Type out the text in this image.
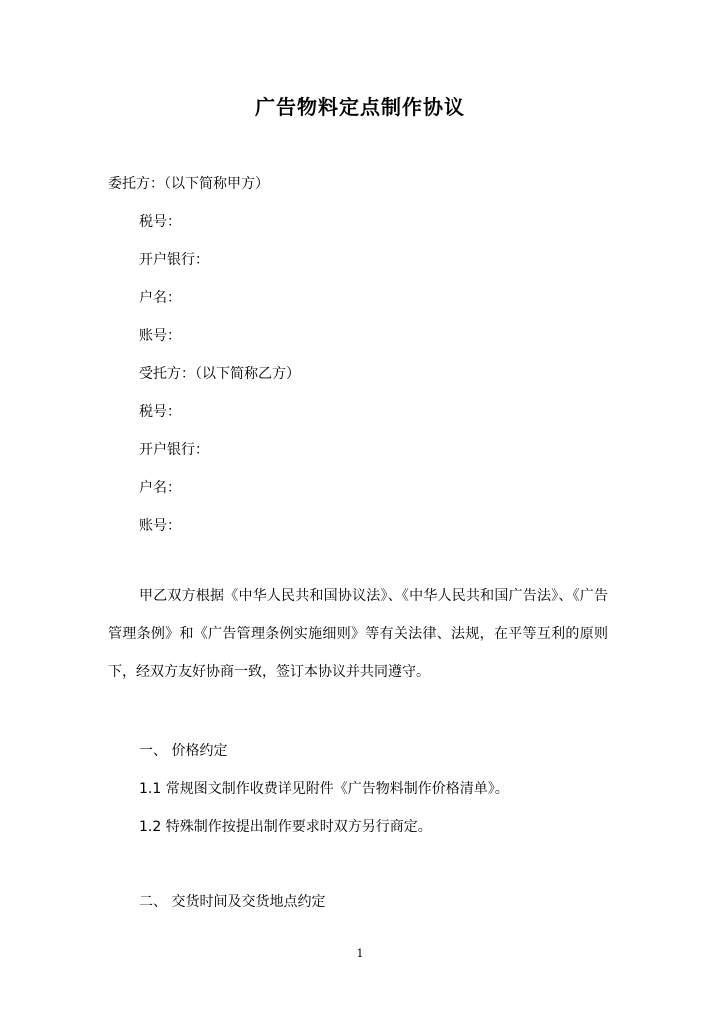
广告物料定点制作协议

委托方：（以下简称甲方）

税号：

开户银行：

户名：

账号：

受托方：（以下简称乙方）

税号：

开户银行：

户名：

账号：

甲乙双方根据《中华人民共和国协议法》、《中华人民共和国广告法》、《广告管理条例》和《广告管理条例实施细则》等有关法律、法规，在平等互利的原则下，经双方友好协商一致，签订本协议并共同遵守。

一、 价格约定

1.1 常规图文制作收费详见附件《广告物料制作价格清单》。

1.2 特殊制作按提出制作要求时双方另行商定。

二、 交货时间及交货地点约定

1
